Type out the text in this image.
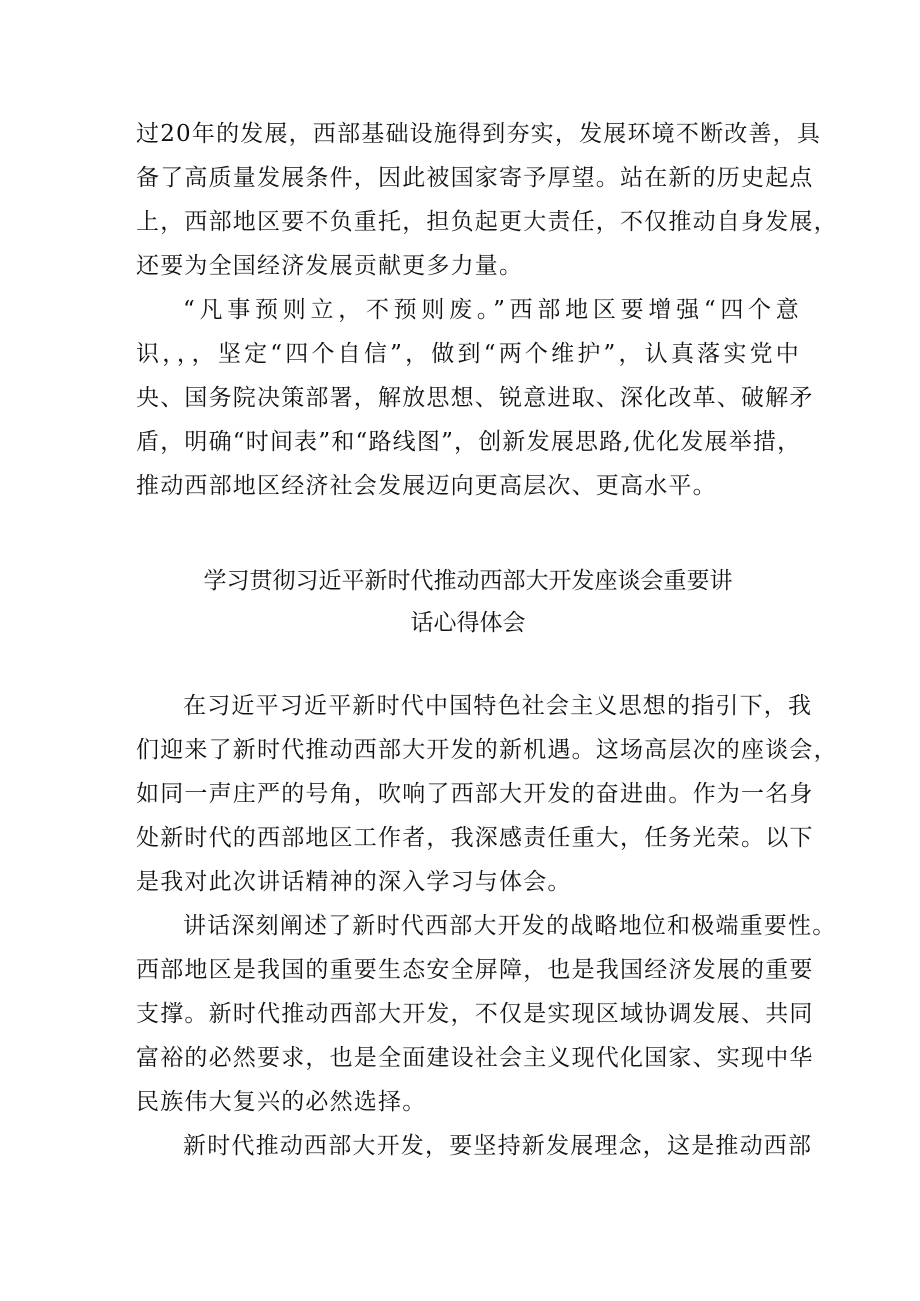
过20年的发展，西部基础设施得到夯实，发展环境不断改善，具
备了高质量发展条件，因此被国家寄予厚望。站在新的历史起点
上，西部地区要不负重托，担负起更大责任，不仅推动自身发展，
还要为全国经济发展贡献更多力量。
“凡事预则立，不预则废。”西部地区要增强“四个意
识，，，坚定“四个自信”，做到“两个维护”，认真落实党中
央、国务院决策部署，解放思想、锐意进取、深化改革、破解矛
盾，明确“时间表”和“路线图”，创新发展思路,优化发展举措，
推动西部地区经济社会发展迈向更高层次、更高水平。
学习贯彻习近平新时代推动西部大开发座谈会重要讲
话心得体会
在习近平习近平新时代中国特色社会主义思想的指引下，我
们迎来了新时代推动西部大开发的新机遇。这场高层次的座谈会，
如同一声庄严的号角，吹响了西部大开发的奋进曲。作为一名身
处新时代的西部地区工作者，我深感责任重大，任务光荣。以下
是我对此次讲话精神的深入学习与体会。
讲话深刻阐述了新时代西部大开发的战略地位和极端重要性。
西部地区是我国的重要生态安全屏障，也是我国经济发展的重要
支撑。新时代推动西部大开发，不仅是实现区域协调发展、共同
富裕的必然要求，也是全面建设社会主义现代化国家、实现中华
民族伟大复兴的必然选择。
新时代推动西部大开发，要坚持新发展理念，这是推动西部
